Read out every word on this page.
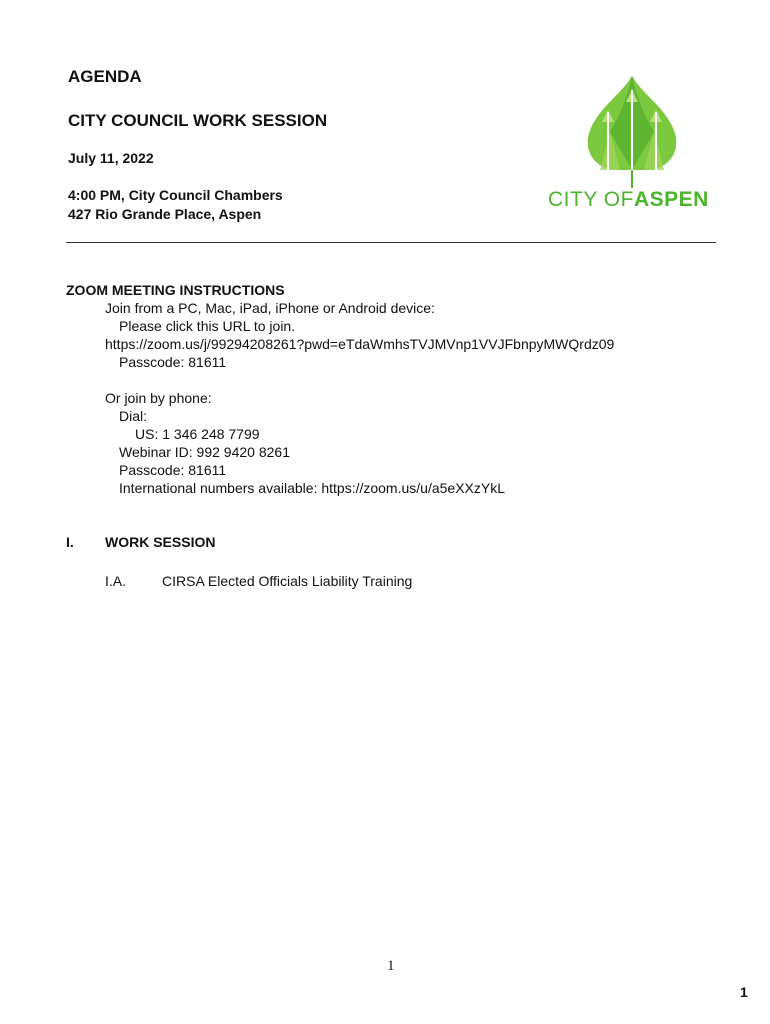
AGENDA
CITY COUNCIL WORK SESSION
July 11, 2022
4:00 PM, City Council Chambers
427 Rio Grande Place, Aspen
CITY OFASPEN
ZOOM MEETING INSTRUCTIONS
Join from a PC, Mac, iPad, iPhone or Android device:
Please click this URL to join.
https://zoom.us/j/99294208261?pwd=eTdaWmhsTVJMVnp1VVJFbnpyMWQrdz09
Passcode: 81611
Or join by phone:
Dial:
US: 1 346 248 7799
Webinar ID: 992 9420 8261
Passcode: 81611
International numbers available: https://zoom.us/u/a5eXXzYkL
I. WORK SESSION
I.A.	CIRSA Elected Officials Liability Training
1
1
